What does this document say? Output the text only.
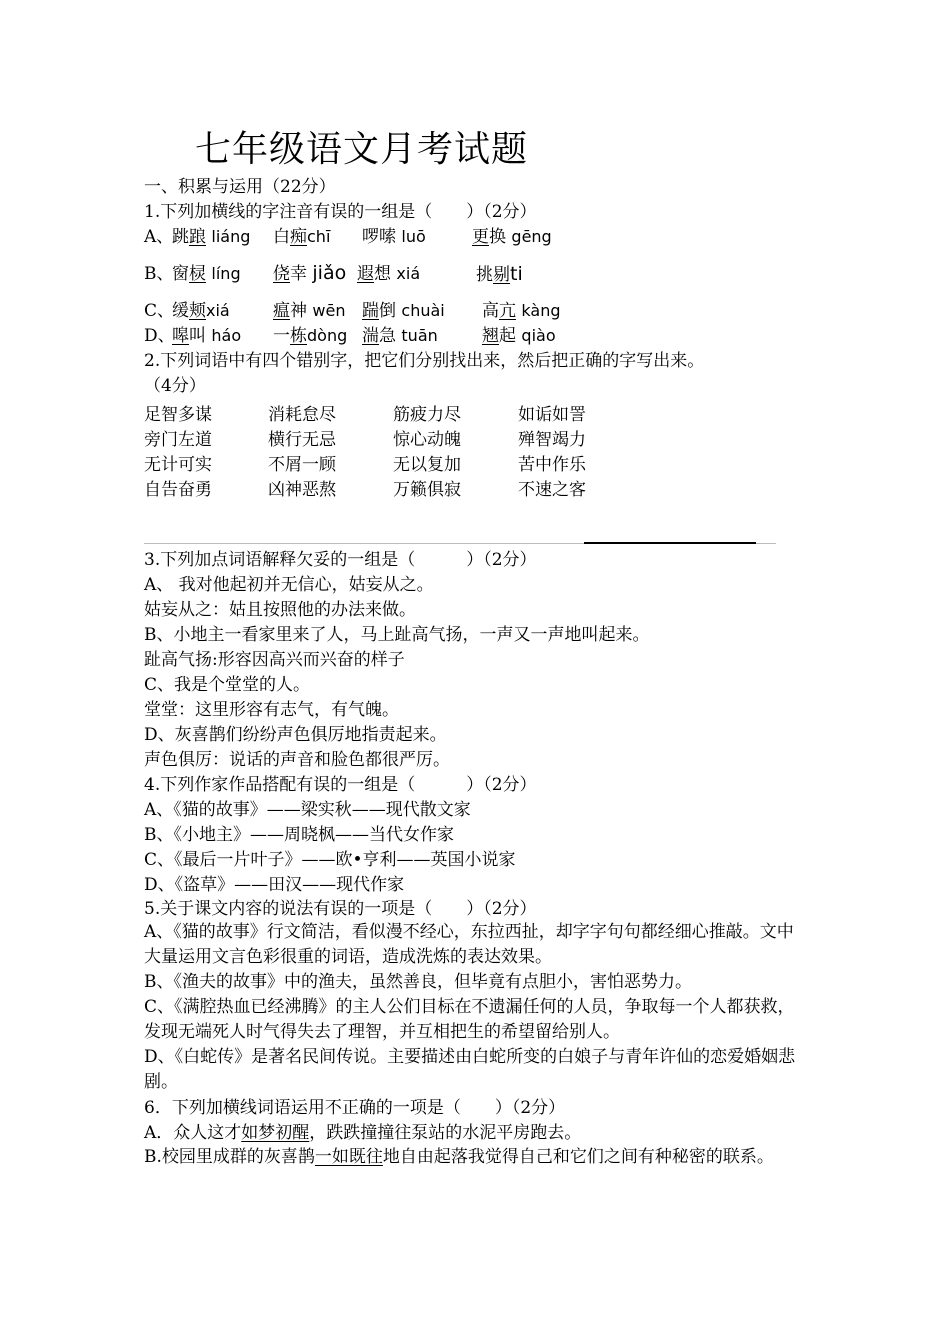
七年级语文月考试题
一、积累与运用（22分）
1.下列加横线的字注音有误的一组是（　　）（2分）
A、
跳踉 liáng 白痴chī 啰嗦 luō	更换 gēng
B、
窗棂 líng 侥幸 jiǎo 遐想 xiá	挑剔ti
C、
缓颊xiá	瘟神 wēn 踹倒 chuài 高亢 kàng
D、
嗥叫 háo 一栋dòng 湍急 tuān	翘起 qiào
2.下列词语中有四个错别字，把它们分别找出来，然后把正确的字写出来。
（4分）
足智多谋	消耗怠尽	筋疲力尽	如诟如詈
旁门左道	横行无忌	惊心动魄	殚智竭力
无计可实	不屑一顾	无以复加	苦中作乐
自告奋勇	凶神恶熬	万籁俱寂	不速之客
3.下列加点词语解释欠妥的一组是（　　　）（2分）
A、 我对他起初并无信心，姑妄从之。
姑妄从之：姑且按照他的办法来做。
B、小地主一看家里来了人，马上趾高气扬，一声又一声地叫起来。
趾高气扬:形容因高兴而兴奋的样子
C、我是个堂堂的人。
堂堂：这里形容有志气，有气魄。
D、灰喜鹊们纷纷声色俱厉地指责起来。
声色俱厉：说话的声音和脸色都很严厉。
4.下列作家作品搭配有误的一组是（　　　）（2分）
A、《猫的故事》——梁实秋——现代散文家
B、《小地主》——周晓枫——当代女作家
C、《最后一片叶子》——欧•亨利——英国小说家
D、《盗草》——田汉——现代作家
5.关于课文内容的说法有误的一项是（　　）（2分）
A、《猫的故事》行文简洁，看似漫不经心，东拉西扯，却字字句句都经细心推敲。文中大量运用文言色彩很重的词语，造成洗炼的表达效果。
B、《渔夫的故事》中的渔夫，虽然善良，但毕竟有点胆小，害怕恶势力。
C、《满腔热血已经沸腾》的主人公们目标在不遗漏任何的人员，争取每一个人都获救，发现无端死人时气得失去了理智，并互相把生的希望留给别人。
D、《白蛇传》是著名民间传说。主要描述由白蛇所变的白娘子与青年许仙的恋爱婚姻悲剧。
6．下列加横线词语运用不正确的一项是（　　）（2分）
A．众人这才如梦初醒，跌跌撞撞往泵站的水泥平房跑去。
B.校园里成群的灰喜鹊一如既往地自由起落我觉得自己和它们之间有种秘密的联系。
